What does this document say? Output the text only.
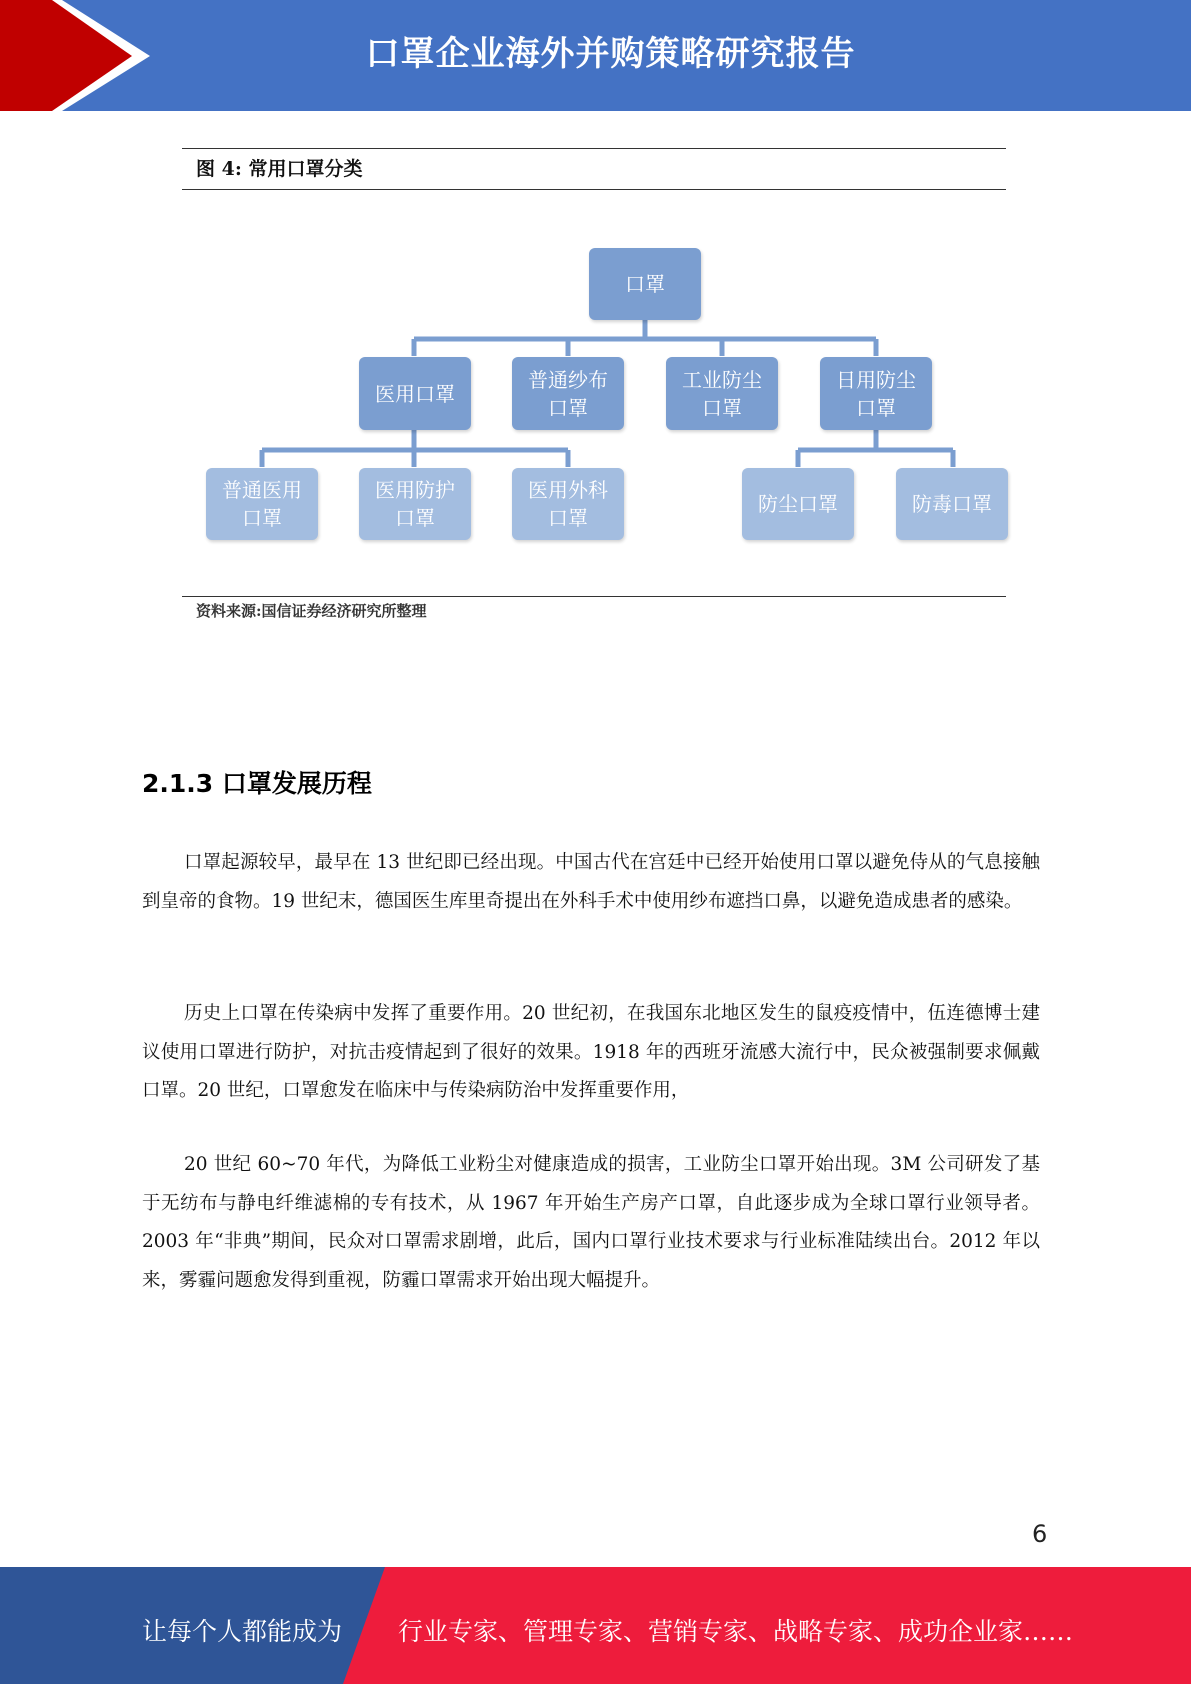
口罩企业海外并购策略研究报告
图 4: 常用口罩分类
口罩
医用口罩
普通纱布
口罩
工业防尘
口罩
日用防尘
口罩
普通医用
口罩
医用防护
口罩
医用外科
口罩
防尘口罩	防毒口罩
资料来源:国信证券经济研究所整理
2.1.3 口罩发展历程

口罩起源较早，最早在 13 世纪即已经出现。中国古代在宫廷中已经开始使用口罩以避免侍从的气息接触到皇帝的食物。19 世纪末，德国医生库里奇提出在外科手术中使用纱布遮挡口鼻，以避免造成患者的感染。

历史上口罩在传染病中发挥了重要作用。20 世纪初，在我国东北地区发生的鼠疫疫情中，伍连德博士建议使用口罩进行防护，对抗击疫情起到了很好的效果。1918 年的西班牙流感大流行中，民众被强制要求佩戴口罩。20 世纪，口罩愈发在临床中与传染病防治中发挥重要作用，

20 世纪 60~70 年代，为降低工业粉尘对健康造成的损害，工业防尘口罩开始出现。3M 公司研发了基于无纺布与静电纤维滤棉的专有技术，从 1967 年开始生产房产口罩，自此逐步成为全球口罩行业领导者。2003 年“非典”期间，民众对口罩需求剧增，此后，国内口罩行业技术要求与行业标准陆续出台。2012 年以来，雾霾问题愈发得到重视，防霾口罩需求开始出现大幅提升。

6
让每个人都能成为 行业专家、管理专家、营销专家、战略专家、成功企业家……
